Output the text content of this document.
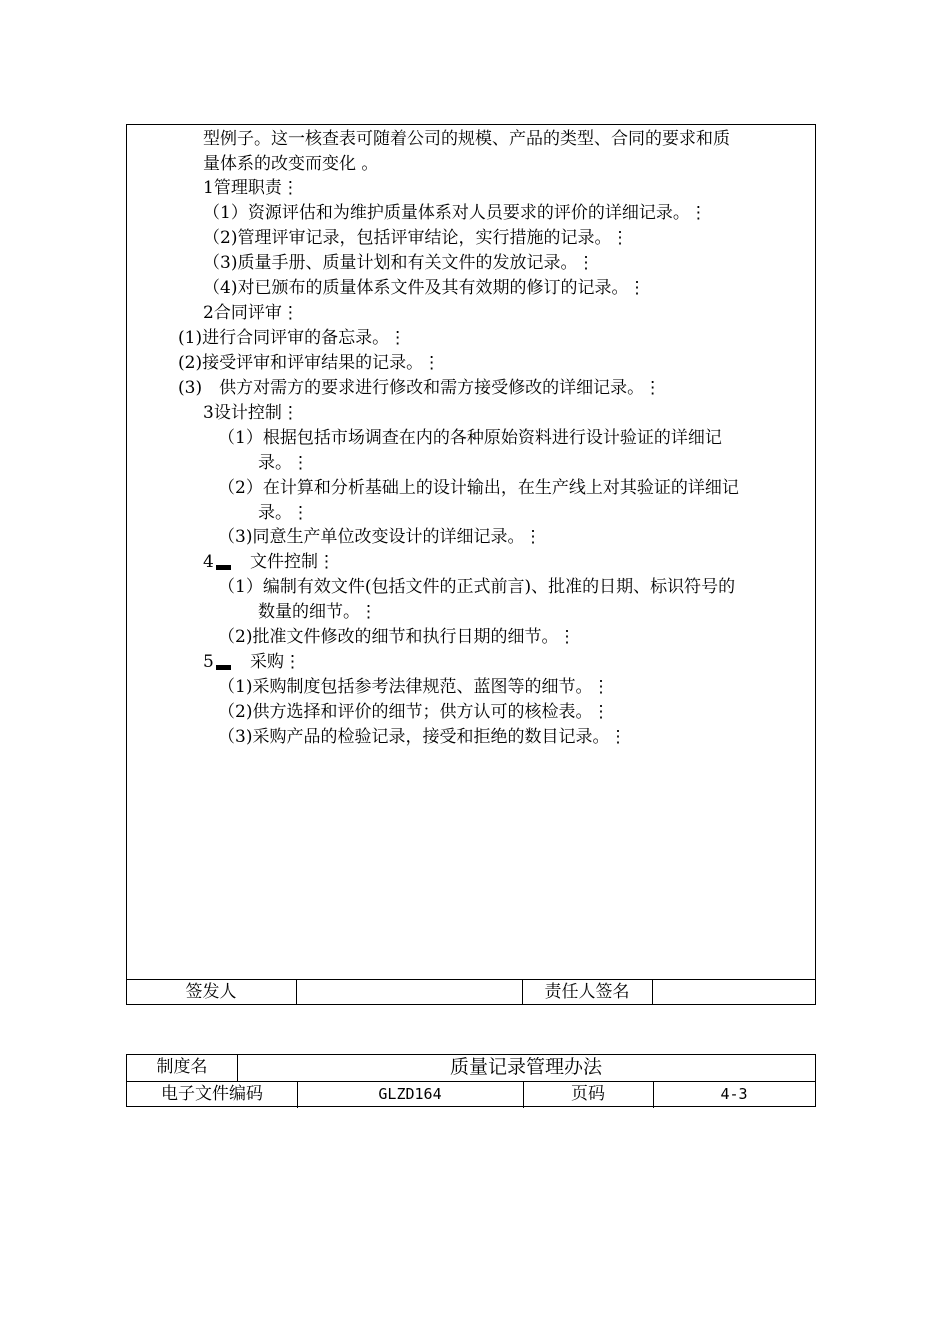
型例子。这一核查表可随着公司的规模、产品的类型、合同的要求和质
量体系的改变而变化 。
1管理职责⋮
（1）资源评估和为维护质量体系对人员要求的评价的详细记录。⋮
（2)管理评审记录，包括评审结论，实行措施的记录。⋮
（3)质量手册、质量计划和有关文件的发放记录。⋮
（4)对已颁布的质量体系文件及其有效期的修订的记录。⋮
2合同评审⋮
(1)进行合同评审的备忘录。⋮
(2)接受评审和评审结果的记录。⋮
(3)　供方对需方的要求进行修改和需方接受修改的详细记录。⋮
3设计控制⋮
（1）根据包括市场调查在内的各种原始资料进行设计验证的详细记
录。⋮
（2）在计算和分析基础上的设计输出，在生产线上对其验证的详细记
录。⋮
（3)同意生产单位改变设计的详细记录。⋮
4	文件控制⋮
（1）编制有效文件(包括文件的正式前言)、批准的日期、标识符号的
数量的细节。⋮
（2)批准文件修改的细节和执行日期的细节。⋮
5	采购⋮
（1)采购制度包括参考法律规范、蓝图等的细节。⋮
（2)供方选择和评价的细节；供方认可的核检表。⋮
（3)采购产品的检验记录，接受和拒绝的数目记录。⋮
签发人	责任人签名
制度名	质量记录管理办法
电子文件编码	GLZD164	页码	4-3
